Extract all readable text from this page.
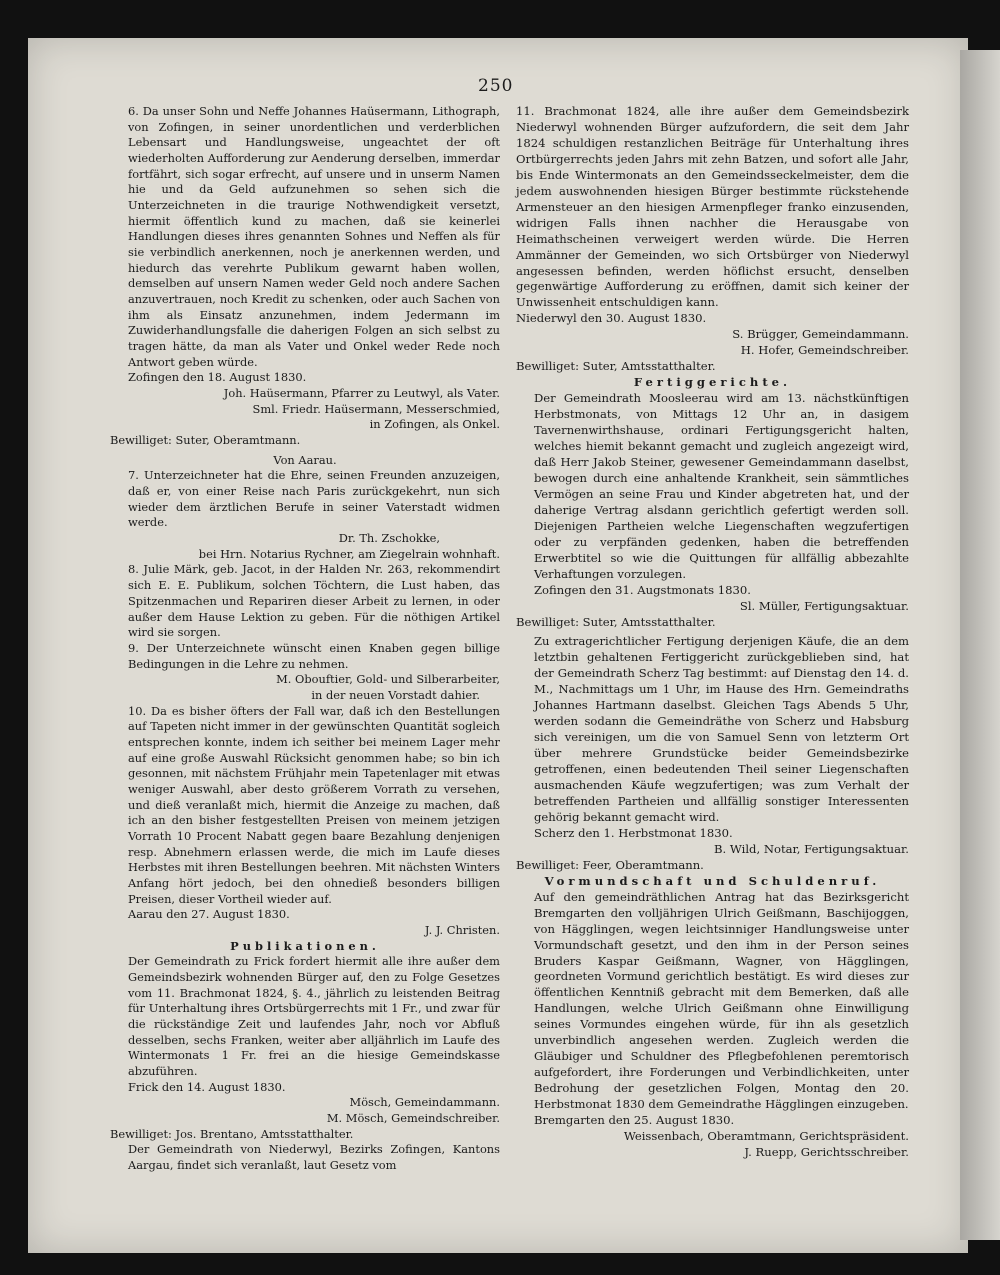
250

6. Da unser Sohn und Neffe Johannes Haüsermann, Lithograph, von Zofingen, in seiner unordentlichen und verderblichen Lebensart und Handlungsweise, ungeachtet der oft wiederholten Aufforderung zur Aenderung derselben, immerdar fortfährt, sich sogar erfrecht, auf unsere und in unserm Namen hie und da Geld aufzunehmen so sehen sich die Unterzeichneten in die traurige Nothwendigkeit versetzt, hiermit öffentlich kund zu machen, daß sie keinerlei Handlungen dieses ihres genannten Sohnes und Neffen als für sie verbindlich anerkennen, noch je anerkennen werden, und hiedurch das verehrte Publikum gewarnt haben wollen, demselben auf unsern Namen weder Geld noch andere Sachen anzuvertrauen, noch Kredit zu schenken, oder auch Sachen von ihm als Einsatz anzunehmen, indem Jedermann im Zuwiderhandlungsfalle die daherigen Folgen an sich selbst zu tragen hätte, da man als Vater und Onkel weder Rede noch Antwort geben würde.

Zofingen den 18. August 1830.

Joh. Haüsermann, Pfarrer zu Leutwyl, als Vater.

Sml. Friedr. Haüsermann, Messerschmied,

in Zofingen, als Onkel.

Bewilliget: Suter, Oberamtmann.

Von Aarau.

7. Unterzeichneter hat die Ehre, seinen Freunden anzuzeigen, daß er, von einer Reise nach Paris zurückgekehrt, nun sich wieder dem ärztlichen Berufe in seiner Vaterstadt widmen werde.

Dr. Th. Zschokke,

bei Hrn. Notarius Rychner, am Ziegelrain wohnhaft.

8. Julie Märk, geb. Jacot, in der Halden Nr. 263, rekommendirt sich E. E. Publikum, solchen Töchtern, die Lust haben, das Spitzenmachen und Repariren dieser Arbeit zu lernen, in oder außer dem Hause Lektion zu geben. Für die nöthigen Artikel wird sie sorgen.

9. Der Unterzeichnete wünscht einen Knaben gegen billige Bedingungen in die Lehre zu nehmen.

M. Obouftier, Gold- und Silberarbeiter,

in der neuen Vorstadt dahier.

10. Da es bisher öfters der Fall war, daß ich den Bestellungen auf Tapeten nicht immer in der gewünschten Quantität sogleich entsprechen konnte, indem ich seither bei meinem Lager mehr auf eine große Auswahl Rücksicht genommen habe; so bin ich gesonnen, mit nächstem Frühjahr mein Tapetenlager mit etwas weniger Auswahl, aber desto größerem Vorrath zu versehen, und dieß veranlaßt mich, hiermit die Anzeige zu machen, daß ich an den bisher festgestellten Preisen von meinem jetzigen Vorrath 10 Procent Nabatt gegen baare Bezahlung denjenigen resp. Abnehmern erlassen werde, die mich im Laufe dieses Herbstes mit ihren Bestellungen beehren. Mit nächsten Winters Anfang hört jedoch, bei den ohnedieß besonders billigen Preisen, dieser Vortheil wieder auf.

Aarau den 27. August 1830.

J. J. Christen.

Publikationen.

Der Gemeindrath zu Frick fordert hiermit alle ihre außer dem Gemeindsbezirk wohnenden Bürger auf, den zu Folge Gesetzes vom 11. Brachmonat 1824, §. 4., jährlich zu leistenden Beitrag für Unterhaltung ihres Ortsbürgerrechts mit 1 Fr., und zwar für die rückständige Zeit und laufendes Jahr, noch vor Abfluß desselben, sechs Franken, weiter aber alljährlich im Laufe des Wintermonats 1 Fr. frei an die hiesige Gemeindskasse abzuführen.

Frick den 14. August 1830.

Mösch, Gemeindammann.

M. Mösch, Gemeindschreiber.

Bewilliget: Jos. Brentano, Amtsstatthalter.

Der Gemeindrath von Niederwyl, Bezirks Zofingen, Kantons Aargau, findet sich veranlaßt, laut Gesetz vom

11. Brachmonat 1824, alle ihre außer dem Gemeindsbezirk Niederwyl wohnenden Bürger aufzufordern, die seit dem Jahr 1824 schuldigen restanzlichen Beiträge für Unterhaltung ihres Ortbürgerrechts jeden Jahrs mit zehn Batzen, und sofort alle Jahr, bis Ende Wintermonats an den Gemeindsseckelmeister, dem die jedem auswohnenden hiesigen Bürger bestimmte rückstehende Armensteuer an den hiesigen Armenpfleger franko einzusenden, widrigen Falls ihnen nachher die Herausgabe von Heimathscheinen verweigert werden würde. Die Herren Ammänner der Gemeinden, wo sich Ortsbürger von Niederwyl angesessen befinden, werden höflichst ersucht, denselben gegenwärtige Aufforderung zu eröffnen, damit sich keiner der Unwissenheit entschuldigen kann.

Niederwyl den 30. August 1830.

S. Brügger, Gemeindammann.

H. Hofer, Gemeindschreiber.

Bewilliget: Suter, Amtsstatthalter.

Fertiggerichte.

Der Gemeindrath Moosleerau wird am 13. nächstkünftigen Herbstmonats, von Mittags 12 Uhr an, in dasigem Tavernenwirthshause, ordinari Fertigungsgericht halten, welches hiemit bekannt gemacht und zugleich angezeigt wird, daß Herr Jakob Steiner, gewesener Gemeindammann daselbst, bewogen durch eine anhaltende Krankheit, sein sämmtliches Vermögen an seine Frau und Kinder abgetreten hat, und der daherige Vertrag alsdann gerichtlich gefertigt werden soll. Diejenigen Partheien welche Liegenschaften wegzufertigen oder zu verpfänden gedenken, haben die betreffenden Erwerbtitel so wie die Quittungen für allfällig abbezahlte Verhaftungen vorzulegen.

Zofingen den 31. Augstmonats 1830.

Sl. Müller, Fertigungsaktuar.

Bewilliget: Suter, Amtsstatthalter.

Zu extragerichtlicher Fertigung derjenigen Käufe, die an dem letztbin gehaltenen Fertiggericht zurückgeblieben sind, hat der Gemeindrath Scherz Tag bestimmt: auf Dienstag den 14. d. M., Nachmittags um 1 Uhr, im Hause des Hrn. Gemeindraths Johannes Hartmann daselbst. Gleichen Tags Abends 5 Uhr, werden sodann die Gemeindräthe von Scherz und Habsburg sich vereinigen, um die von Samuel Senn von letzterm Ort über mehrere Grundstücke beider Gemeindsbezirke getroffenen, einen bedeutenden Theil seiner Liegenschaften ausmachenden Käufe wegzufertigen; was zum Verhalt der betreffenden Partheien und allfällig sonstiger Interessenten gehörig bekannt gemacht wird.

Scherz den 1. Herbstmonat 1830.

B. Wild, Notar, Fertigungsaktuar.

Bewilliget: Feer, Oberamtmann.

Vormundschaft und Schuldenruf.

Auf den gemeindräthlichen Antrag hat das Bezirksgericht Bremgarten den volljährigen Ulrich Geißmann, Baschijoggen, von Hägglingen, wegen leichtsinniger Handlungsweise unter Vormundschaft gesetzt, und den ihm in der Person seines Bruders Kaspar Geißmann, Wagner, von Hägglingen, geordneten Vormund gerichtlich bestätigt. Es wird dieses zur öffentlichen Kenntniß gebracht mit dem Bemerken, daß alle Handlungen, welche Ulrich Geißmann ohne Einwilligung seines Vormundes eingehen würde, für ihn als gesetzlich unverbindlich angesehen werden. Zugleich werden die Gläubiger und Schuldner des Pflegbefohlenen peremtorisch aufgefordert, ihre Forderungen und Verbindlichkeiten, unter Bedrohung der gesetzlichen Folgen, Montag den 20. Herbstmonat 1830 dem Gemeindrathe Hägglingen einzugeben.

Bremgarten den 25. August 1830.

Weissenbach, Oberamtmann, Gerichtspräsident.

J. Ruepp, Gerichtsschreiber.
